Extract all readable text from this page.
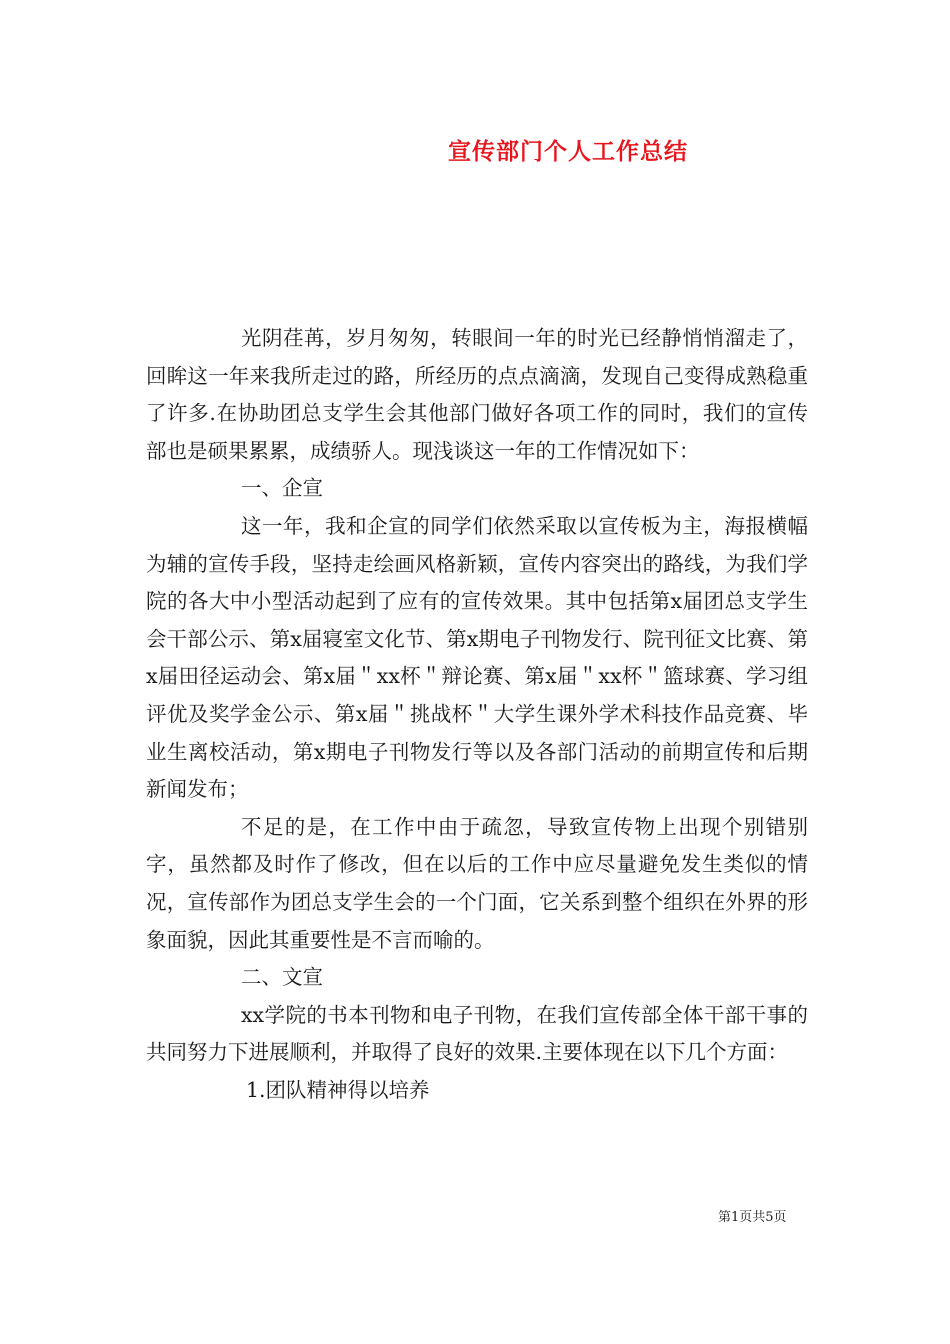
宣传部门个人工作总结

光阴荏苒，岁月匆匆，转眼间一年的时光已经静悄悄溜走了，回眸这一年来我所走过的路，所经历的点点滴滴，发现自己变得成熟稳重了许多.在协助团总支学生会其他部门做好各项工作的同时，我们的宣传部也是硕果累累，成绩骄人。现浅谈这一年的工作情况如下：

一、企宣

这一年，我和企宣的同学们依然采取以宣传板为主，海报横幅为辅的宣传手段，坚持走绘画风格新颖，宣传内容突出的路线，为我们学院的各大中小型活动起到了应有的宣传效果。其中包括第x届团总支学生会干部公示、第x届寝室文化节、第x期电子刊物发行、院刊征文比赛、第x届田径运动会、第x届＂xx杯＂辩论赛、第x届＂xx杯＂篮球赛、学习组评优及奖学金公示、第x届＂挑战杯＂大学生课外学术科技作品竞赛、毕业生离校活动，第x期电子刊物发行等以及各部门活动的前期宣传和后期新闻发布；

不足的是，在工作中由于疏忽，导致宣传物上出现个别错别字，虽然都及时作了修改，但在以后的工作中应尽量避免发生类似的情况，宣传部作为团总支学生会的一个门面，它关系到整个组织在外界的形象面貌，因此其重要性是不言而喻的。

二、文宣

xx学院的书本刊物和电子刊物，在我们宣传部全体干部干事的共同努力下进展顺利，并取得了良好的效果.主要体现在以下几个方面：

1.团队精神得以培养

第1页共5页
